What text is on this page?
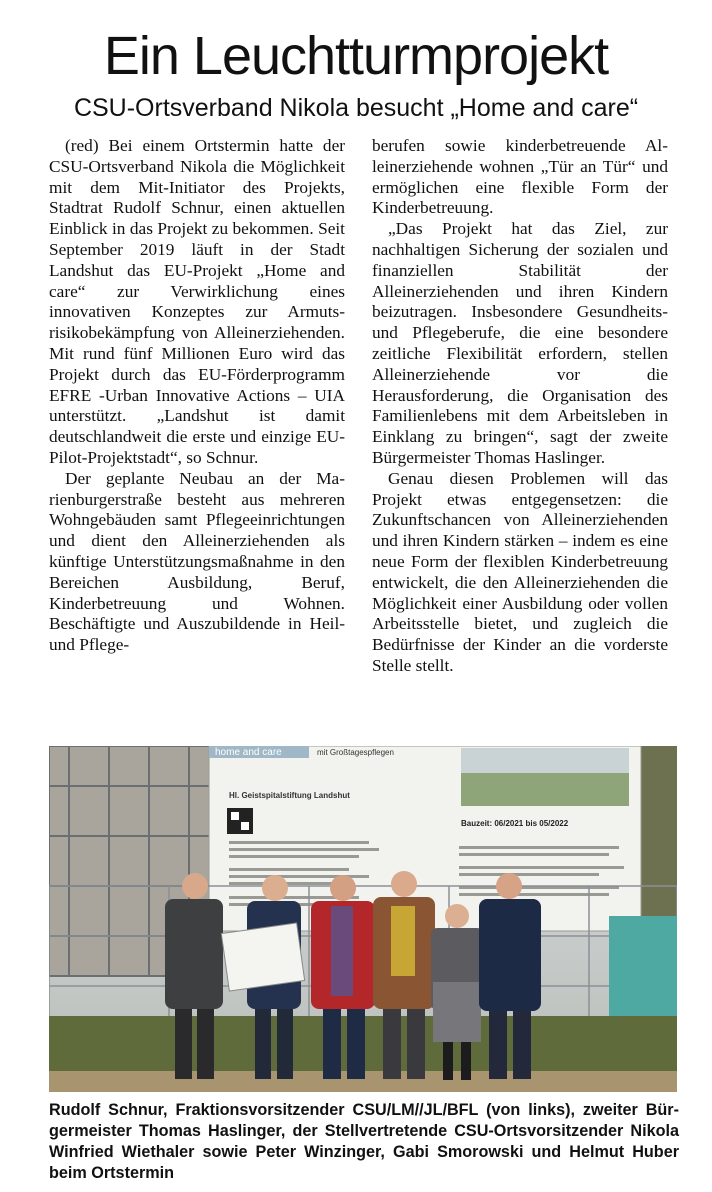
Ein Leuchtturmprojekt
CSU-Ortsverband Nikola besucht „Home and care“

(red) Bei einem Ortstermin hatte der CSU-Ortsverband Nikola die Möglichkeit mit dem Mit-Initiator des Projekts, Stadtrat Rudolf Schnur, einen aktuellen Einblick in das Projekt zu bekommen. Seit September 2019 läuft in der Stadt Landshut das EU-Projekt „Home and care“ zur Verwirklichung eines innovativen Konzeptes zur Armutsrisikobekämpfung von Alleinerziehenden. Mit rund fünf Millionen Euro wird das Projekt durch das EU-Förderprogramm EFRE -Urban Innovative Actions – UIA unterstützt. „Landshut ist damit deutschlandweit die erste und einzige EU-Pilot-Projektstadt“, so Schnur.

Der geplante Neubau an der Marienburgerstraße besteht aus mehreren Wohngebäuden samt Pflegeeinrichtungen und dient den Alleinerziehenden als künftige Unterstützungsmaßnahme in den Bereichen Ausbildung, Beruf, Kinderbetreuung und Wohnen. Beschäftigte und Auszubildende in Heil- und Pflege-

berufen sowie kinderbetreuende Alleinerziehende wohnen „Tür an Tür“ und ermöglichen eine flexible Form der Kinderbetreuung.

„Das Projekt hat das Ziel, zur nachhaltigen Sicherung der sozialen und finanziellen Stabilität der Alleinerziehenden und ihren Kindern beizutragen. Insbesondere Gesundheits- und Pflegeberufe, die eine besondere zeitliche Flexibilität erfordern, stellen Alleinerziehende vor die Herausforderung, die Organisation des Familienlebens mit dem Arbeitsleben in Einklang zu bringen“, sagt der zweite Bürgermeister Thomas Haslinger.

Genau diesen Problemen will das Projekt etwas entgegensetzen: die Zukunftschancen von Alleinerziehenden und ihren Kindern stärken – indem es eine neue Form der flexiblen Kinderbetreuung entwickelt, die den Alleinerziehenden die Möglichkeit einer Ausbildung oder vollen Arbeitsstelle bietet, und zugleich die Bedürfnisse der Kinder an die vorderste Stelle stellt.

home and care	mit Großtagespflegen
Hl. Geistspitalstiftung Landshut
Bauzeit: 06/2021 bis 05/2022

Rudolf Schnur, Fraktionsvorsitzender CSU/LM//JL/BFL (von links), zweiter Bürgermeister Thomas Haslinger, der Stellvertretende CSU-Ortsvorsitzender Nikola Winfried Wiethaler sowie Peter Winzinger, Gabi Smorowski und Helmut Huber beim Ortstermin
